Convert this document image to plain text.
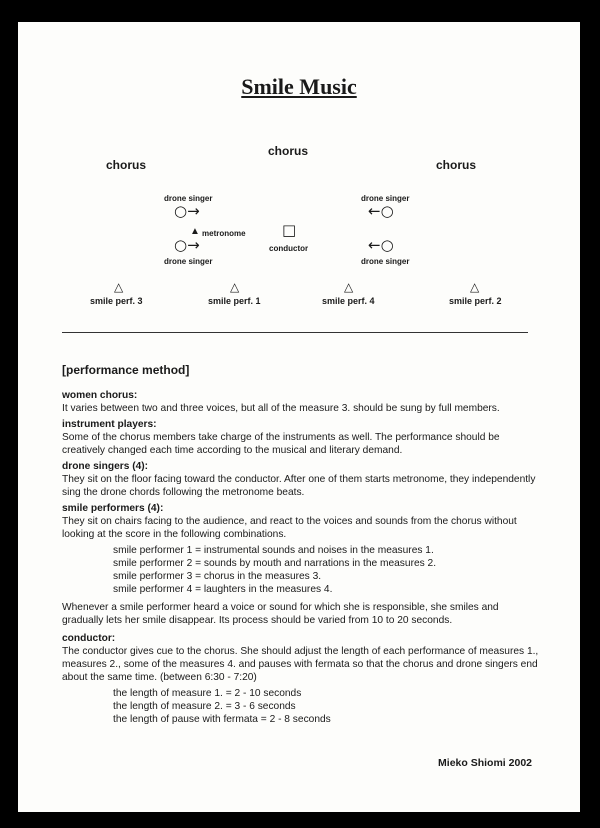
Smile Music
chorus
chorus
chorus
drone singer
○→
drone singer
←○
▲ metronome □
conductor
○→
drone singer
←○
drone singer
△
smile perf. 3
△
smile perf. 1
△
smile perf. 4
△
smile perf. 2
[performance method]
women chorus:

It varies between two and three voices, but all of the measure 3. should be sung by full members.

instrument players:

Some of the chorus members take charge of the instruments as well. The performance should be creatively changed each time according to the musical and literary demand.

drone singers (4):

They sit on the floor facing toward the conductor. After one of them starts metronome, they independently sing the drone chords following the metronome beats.

smile performers (4):

They sit on chairs facing to the audience, and react to the voices and sounds from the chorus without looking at the score in the following combinations.

smile performer 1 = instrumental sounds and noises in the measures 1.
smile performer 2 = sounds by mouth and narrations in the measures 2.
smile performer 3 = chorus in the measures 3.
smile performer 4 = laughters in the measures 4.

Whenever a smile performer heard a voice or sound for which she is responsible, she smiles and gradually lets her smile disappear. Its process should be varied from 10 to 20 seconds.

conductor:

The conductor gives cue to the chorus. She should adjust the length of each performance of measures 1., measures 2., some of the measures 4. and pauses with fermata so that the chorus and drone singers end about the same time. (between 6:30 - 7:20)

the length of measure 1. = 2 - 10 seconds
the length of measure 2. = 3 - 6 seconds
the length of pause with fermata = 2 - 8 seconds
Mieko Shiomi 2002
